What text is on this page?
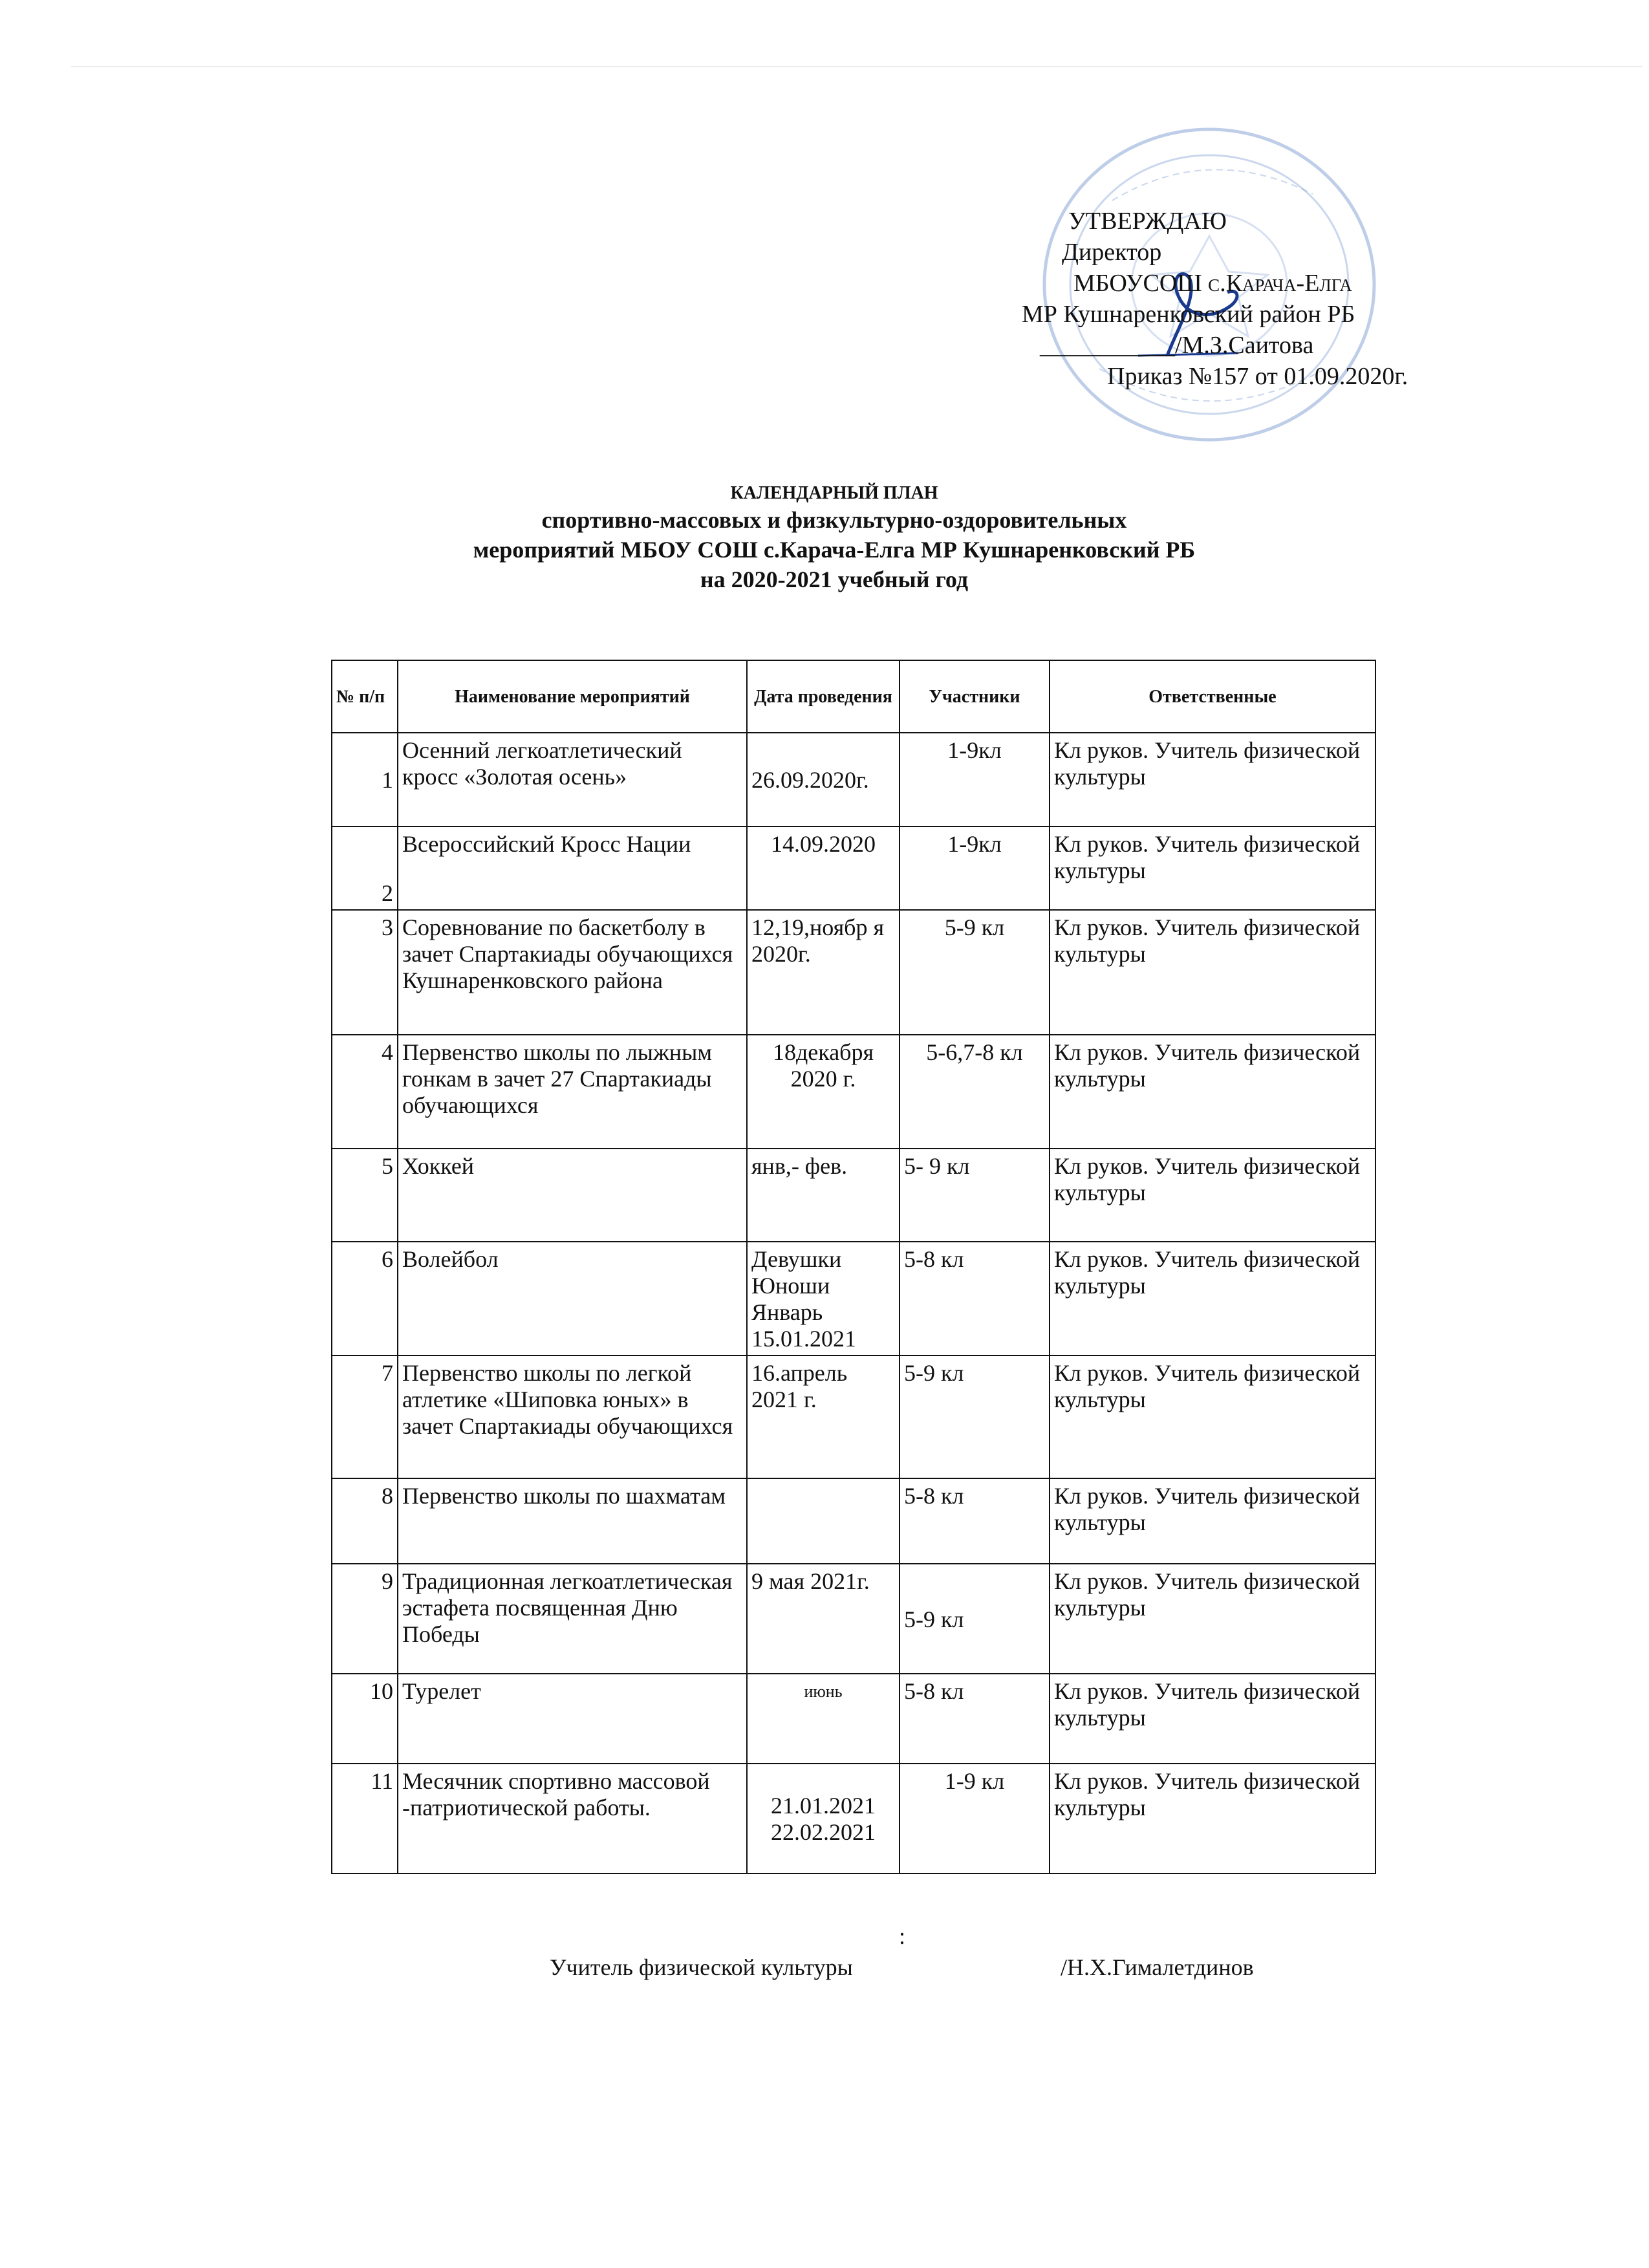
УТВЕРЖДАЮ
Директор
МБОУСОШ с.Карача-Елга
МР Кушнаренковский район РБ
___________/М.З.Саитова
Приказ №157 от 01.09.2020г.
КАЛЕНДАРНЫЙ ПЛАН
спортивно-массовых и физкультурно-оздоровительных
мероприятий МБОУ СОШ с.Карача-Елга МР Кушнаренковский РБ
на 2020-2021 учебный год
№ п/п	Наименование мероприятий	Дата проведения	Участники	Ответственные
1	Осенний легкоатлетический кросс «Золотая осень»	26.09.2020г.	1-9кл	Кл руков. Учитель физической культуры
2	Всероссийский Кросс Нации	14.09.2020	1-9кл	Кл руков. Учитель физической культуры
3	Соревнование по баскетболу в зачет Спартакиады обучающихся Кушнаренковского района	12,19,ноябр я 2020г.	5-9 кл	Кл руков. Учитель физической культуры
4	Первенство школы по лыжным гонкам в зачет 27 Спартакиады обучающихся	18декабря 2020 г.	5-6,7-8 кл	Кл руков. Учитель физической культуры
5	Хоккей	янв,- фев.	5- 9 кл	Кл руков. Учитель физической культуры
6	Волейбол	Девушки Юноши Январь 15.01.2021	5-8 кл	Кл руков. Учитель физической культуры
7	Первенство школы по легкой атлетике «Шиповка юных» в зачет Спартакиады обучающихся	16.апрель 2021 г.	5-9 кл	Кл руков. Учитель физической культуры
8	Первенство школы по шахматам		5-8 кл	Кл руков. Учитель физической культуры
9	Традиционная легкоатлетическая эстафета посвященная Дню Победы	9 мая 2021г.	5-9 кл	Кл руков. Учитель физической культуры
10	Турелет	июнь	5-8 кл	Кл руков. Учитель физической культуры
11	Месячник спортивно массовой -патриотической работы.	21.01.2021 22.02.2021	1-9 кл	Кл руков. Учитель физической культуры
:
Учитель физической культуры	/Н.Х.Гималетдинов
